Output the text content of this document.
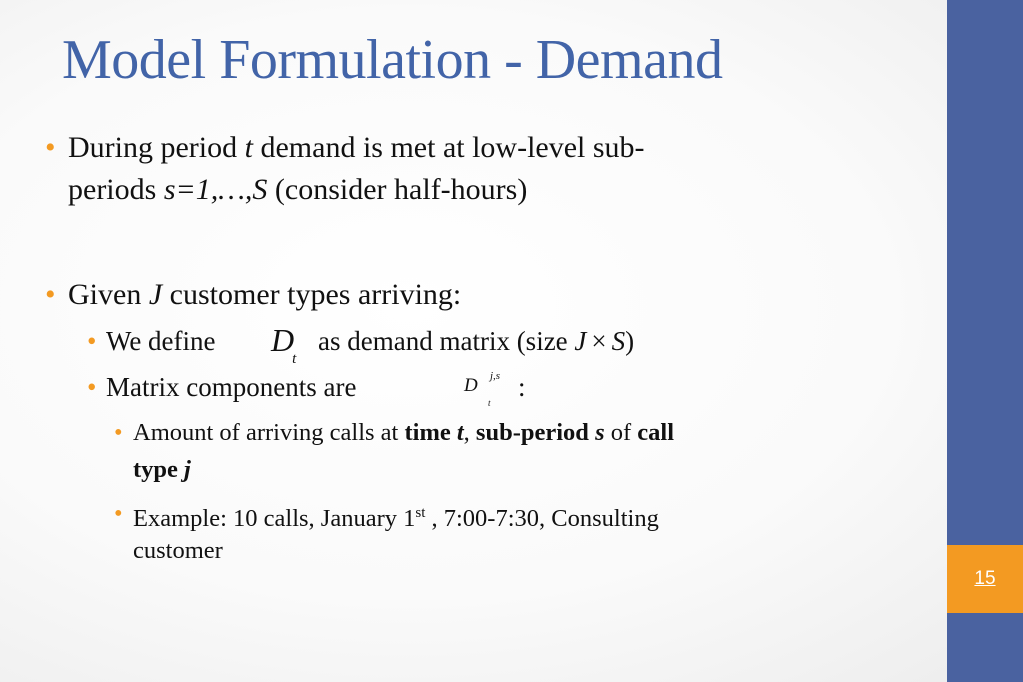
15
Model Formulation - Demand
• During period t demand is met at low-level sub-
periods s=1,…,S (consider half-hours)
• Given J customer types arriving:
• We define Dt
as demand matrix (size J × S)
• Matrix components are	D j,s
t
:
• Amount of arriving calls at time t, sub-period s of call
type j
• Example: 10 calls, January 1st , 7:00-7:30, Consulting
customer
